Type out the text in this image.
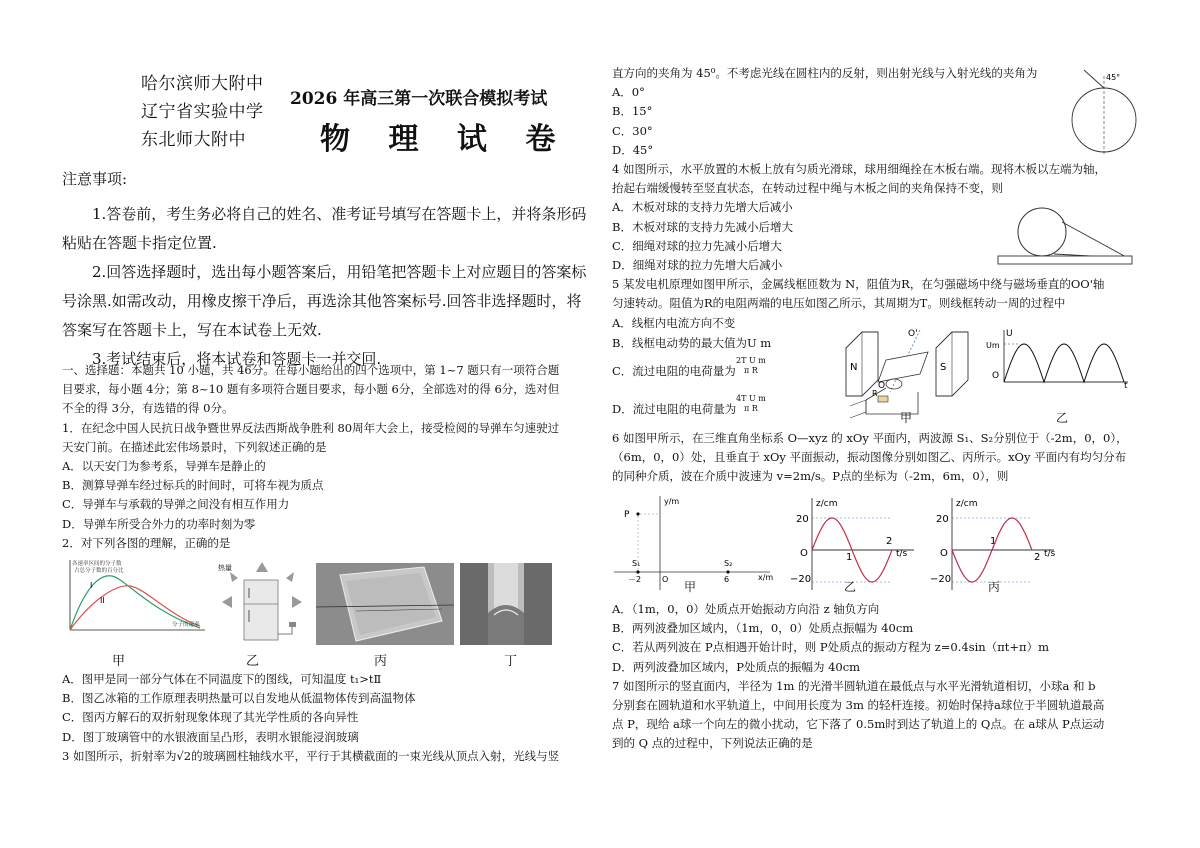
哈尔滨师大附中
辽宁省实验中学
东北师大附中
2026 年高三第一次联合模拟考试
物 理 试 卷
注意事项:

1.答卷前，考生务必将自己的姓名、准考证号填写在答题卡上，并将条形码粘贴在答题卡指定位置.

2.回答选择题时，选出每小题答案后，用铅笔把答题卡上对应题目的答案标号涂黑.如需改动，用橡皮擦干净后，再选涂其他答案标号.回答非选择题时，将答案写在答题卡上，写在本试卷上无效.

3.考试结束后，将本试卷和答题卡一并交回.

一、选择题：本题共 10 小题，共 46分。在每小题给出的四个选项中，第 1~7 题只有一项符合题
目要求，每小题 4分；第 8~10 题有多项符合题目要求，每小题 6分，全部选对的得 6分，选对但
不全的得 3分，有选错的得 0分。
1．在纪念中国人民抗日战争暨世界反法西斯战争胜利 80周年大会上，接受检阅的导弹车匀速驶过
天安门前。在描述此宏伟场景时，下列叙述正确的是
A．以天安门为参考系，导弹车是静止的
B．测算导弹车经过标兵的时间时，可将车视为质点
C．导弹车与承载的导弹之间没有相互作用力
D．导弹车所受合外力的功率时刻为零
2．对下列各图的理解，正确的是
各速率区间的分子数
占总分子数的百分比
I
II
分子的速率
甲
热量
乙	丙	丁
A．图甲是同一部分气体在不同温度下的图线，可知温度 t₁>tⅡ
B．图乙冰箱的工作原理表明热量可以自发地从低温物体传到高温物体
C．图丙方解石的双折射现象体现了其光学性质的各向异性
D．图丁玻璃管中的水银液面呈凸形，表明水银能浸润玻璃
3 如图所示，折射率为√2的玻璃圆柱轴线水平，平行于其横截面的一束光线从顶点入射，光线与竖
直方向的夹角为 45⁰。不考虑光线在圆柱内的反射，则出射光线与入射光线的夹角为
A．0°
B．15°
C．30°
D．45°
4 如图所示，水平放置的木板上放有匀质光滑球，球用细绳拴在木板右端。现将木板以左端为轴，
抬起右端缓慢转至竖直状态，在转动过程中绳与木板之间的夹角保持不变，则
A．木板对球的支持力先增大后减小
B．木板对球的支持力先减小后增大
C．细绳对球的拉力先减小后增大
D．细绳对球的拉力先增大后减小
5 某发电机原理如图甲所示，金属线框匝数为 N，阻值为R，在匀强磁场中绕与磁场垂直的OO'轴
匀速转动。阻值为R的电阻两端的电压如图乙所示，其周期为T。则线框转动一周的过程中
A．线框内电流方向不变
45°
B．线框电动势的最大值为U m
C．流过电阻的电荷量为
2T U m
π R
D．流过电阻的电荷量为
4T U m
π R
N	S
O'
O
R
甲
U
Um
O
t
乙
6 如图甲所示，在三维直角坐标系 O—xyz 的 xOy 平面内，两波源 S₁、S₂分别位于（-2m，0，0），
（6m，0，0）处，且垂直于 xOy 平面振动，振动图像分别如图乙、丙所示。xOy 平面内有均匀分布
的同种介质，波在介质中波速为 v=2m/s。P点的坐标为（-2m，6m，0），则
y/m
x/m
P
S₁	S₂
O
－2	6
甲
z/cm
t/s
20
−20
O	1
2
乙
z/cm
t/s
20
−20
O
1
2
丙
A．（1m，0，0）处质点开始振动方向沿 z 轴负方向
B．两列波叠加区域内，（1m，0，0）处质点振幅为 40cm
C．若从两列波在 P点相遇开始计时，则 P处质点的振动方程为 z=0.4sin（πt+π）m
D．两列波叠加区域内，P处质点的振幅为 40cm
7 如图所示的竖直面内，半径为 1m 的光滑半圆轨道在最低点与水平光滑轨道相切，小球a 和 b
分别套在圆轨道和水平轨道上，中间用长度为 3m 的轻杆连接。初始时保持a球位于半圆轨道最高
点 P，现给 a球一个向左的微小扰动，它下落了 0.5m时到达了轨道上的 Q点。在 a球从 P点运动
到的 Q 点的过程中，下列说法正确的是
